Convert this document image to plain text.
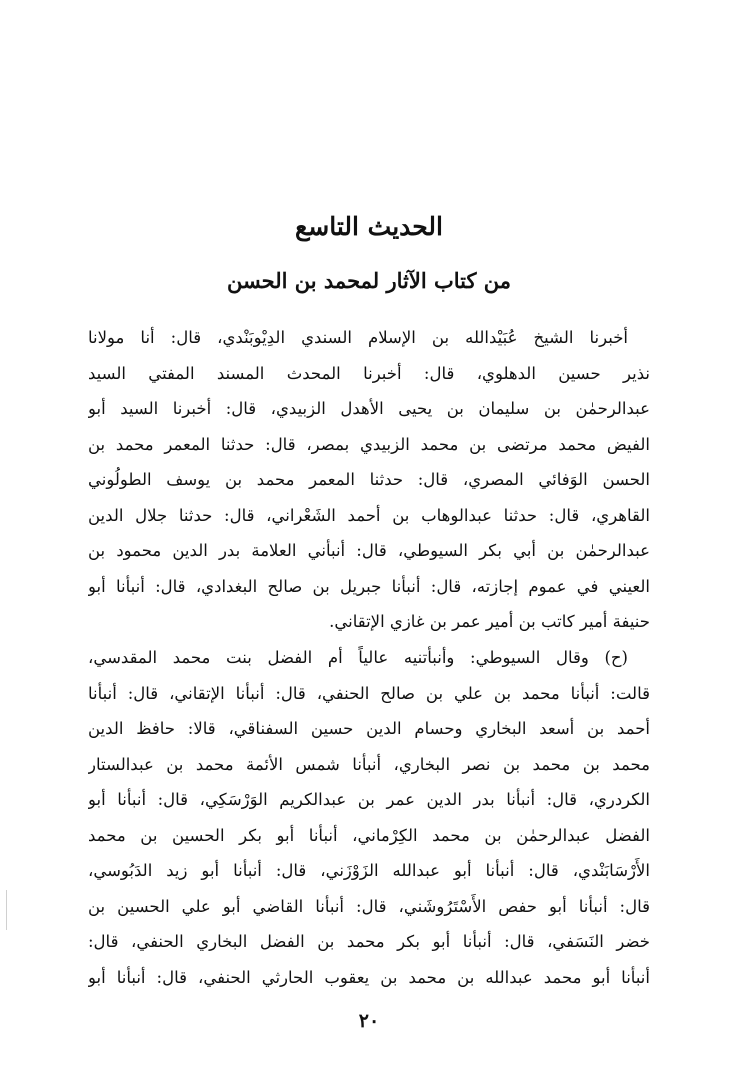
الحديث التاسع
من كتاب الآثار لمحمد بن الحسن
أخبرنا الشيخ عُبَيْدالله بن الإسلام السندي الدِيْوبَنْدي، قال: أنا مولانا
نذير حسين الدهلوي، قال: أخبرنا المحدث المسند المفتي السيد
عبدالرحمٰن بن سليمان بن يحيى الأهدل الزبيدي، قال: أخبرنا السيد أبو
الفيض محمد مرتضى بن محمد الزبيدي بمصر، قال: حدثنا المعمر محمد بن
الحسن الوَفائي المصري، قال: حدثنا المعمر محمد بن يوسف الطولُوني
القاهري، قال: حدثنا عبدالوهاب بن أحمد الشَعْراني، قال: حدثنا جلال الدين
عبدالرحمٰن بن أبي بكر السيوطي، قال: أنبأني العلامة بدر الدين محمود بن
العيني في عموم إجازته، قال: أنبأنا جبريل بن صالح البغدادي، قال: أنبأنا أبو
حنيفة أمير كاتب بن أمير عمر بن غازي الإتقاني.
(ح) وقال السيوطي: وأنبأتنيه عالياً أم الفضل بنت محمد المقدسي،
قالت: أنبأنا محمد بن علي بن صالح الحنفي، قال: أنبأنا الإتقاني، قال: أنبأنا
أحمد بن أسعد البخاري وحسام الدين حسين السفناقي، قالا: حافظ الدين
محمد بن محمد بن نصر البخاري، أنبأنا شمس الأئمة محمد بن عبدالستار
الكردري، قال: أنبأنا بدر الدين عمر بن عبدالكريم الوَرْسَكِي، قال: أنبأنا أبو
الفضل عبدالرحمٰن بن محمد الكِرْماني، أنبأنا أبو بكر الحسين بن محمد
الأَرْسَابَنْدي، قال: أنبأنا أبو عبدالله الزَوْزَني، قال: أنبأنا أبو زيد الدَبُوسي،
قال: أنبأنا أبو حفص الأَسْتَرُوشَني، قال: أنبأنا القاضي أبو علي الحسين بن
خضر النَسَفي، قال: أنبأنا أبو بكر محمد بن الفضل البخاري الحنفي، قال:
أنبأنا أبو محمد عبدالله بن محمد بن يعقوب الحارثي الحنفي، قال: أنبأنا أبو
٢٠
